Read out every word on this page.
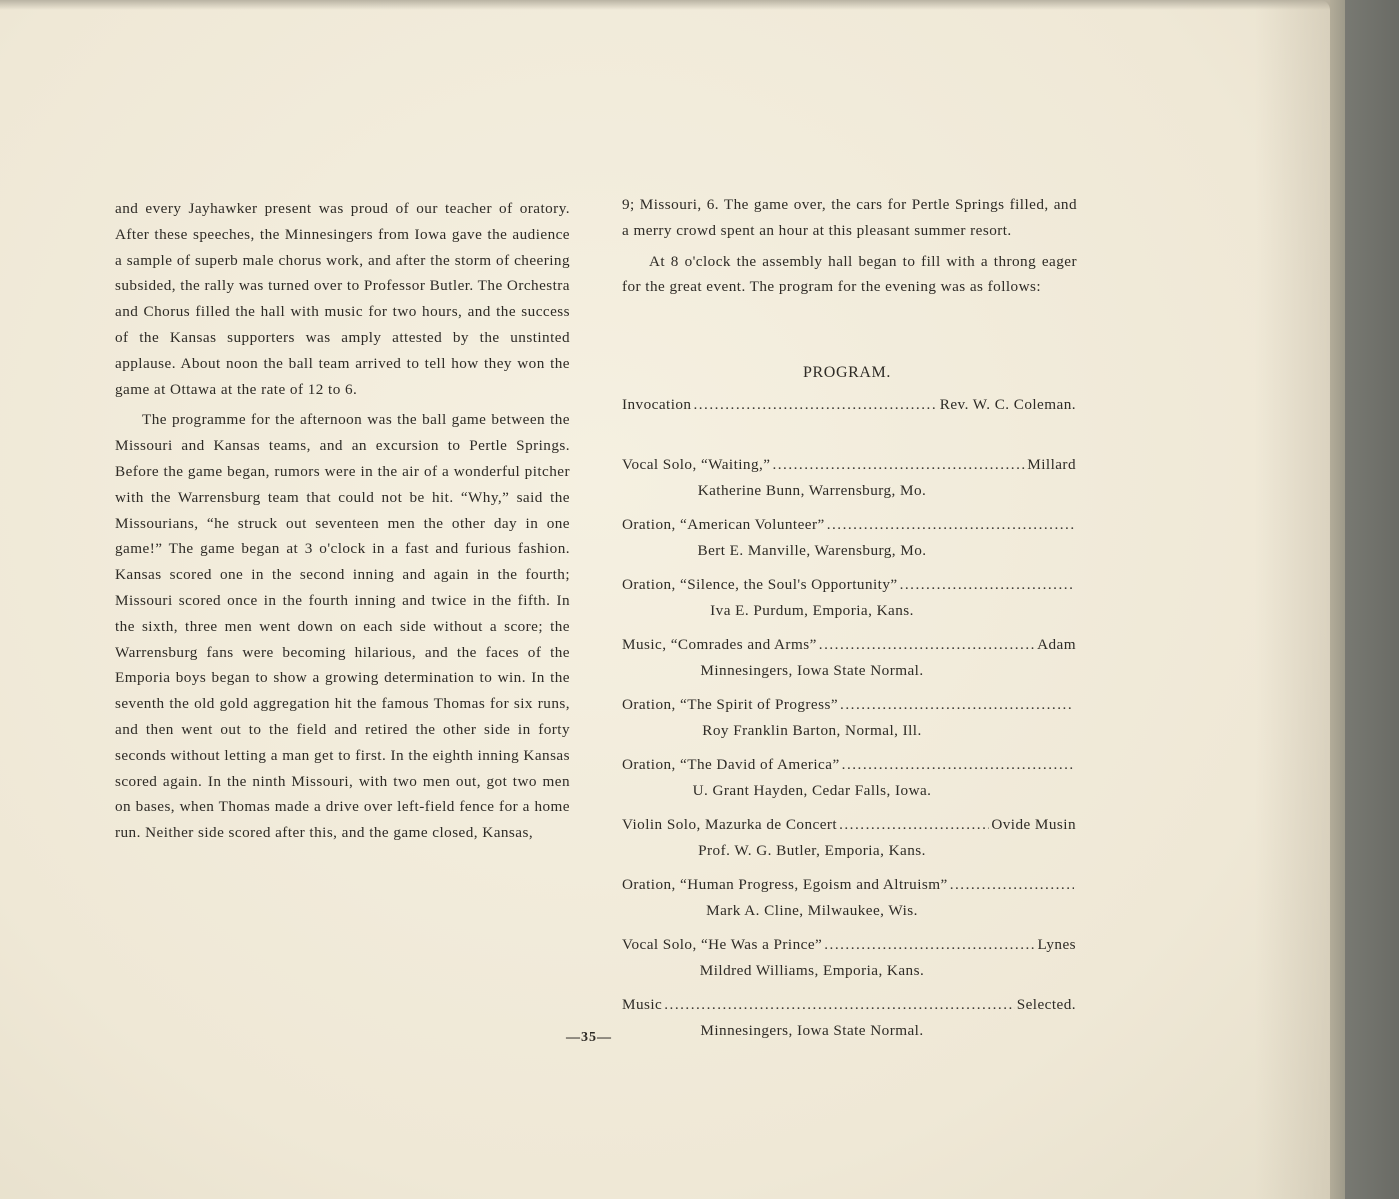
and every Jayhawker present was proud of our teacher of oratory. After these speeches, the Minnesingers from Iowa gave the audience a sample of superb male chorus work, and after the storm of cheering subsided, the rally was turned over to Professor Butler. The Orchestra and Chorus filled the hall with music for two hours, and the success of the Kansas supporters was amply attested by the unstinted applause. About noon the ball team arrived to tell how they won the game at Ottawa at the rate of 12 to 6.

The programme for the afternoon was the ball game between the Missouri and Kansas teams, and an excursion to Pertle Springs. Before the game began, rumors were in the air of a wonderful pitcher with the Warrensburg team that could not be hit. “Why,” said the Missourians, “he struck out seventeen men the other day in one game!” The game began at 3 o'clock in a fast and furious fashion. Kansas scored one in the second inning and again in the fourth; Missouri scored once in the fourth inning and twice in the fifth. In the sixth, three men went down on each side without a score; the Warrensburg fans were becoming hilarious, and the faces of the Emporia boys began to show a growing determination to win. In the seventh the old gold aggregation hit the famous Thomas for six runs, and then went out to the field and retired the other side in forty seconds without letting a man get to first. In the eighth inning Kansas scored again. In the ninth Missouri, with two men out, got two men on bases, when Thomas made a drive over left-field fence for a home run. Neither side scored after this, and the game closed, Kansas,

9; Missouri, 6. The game over, the cars for Pertle Springs filled, and a merry crowd spent an hour at this pleasant summer resort.

At 8 o'clock the assembly hall began to fill with a throng eager for the great event. The program for the evening was as follows:

PROGRAM.
Invocation .....	Rev. W. C. Coleman.
Vocal Solo, “Waiting,” .....	Millard
Katherine Bunn, Warrensburg, Mo.
Oration, “American Volunteer”
.....
Bert E. Manville, Warensburg, Mo.
Oration, “Silence, the Soul's Opportunity”
.....
Iva E. Purdum, Emporia, Kans.
Music, “Comrades and Arms” .....	Adam
Minnesingers, Iowa State Normal.
Oration, “The Spirit of Progress”
.....
Roy Franklin Barton, Normal, Ill.
Oration, “The David of America”
.....
U. Grant Hayden, Cedar Falls, Iowa.
Violin Solo, Mazurka de Concert .....	Ovide Musin
Prof. W. G. Butler, Emporia, Kans.
Oration, “Human Progress, Egoism and Altruism”
.....
Mark A. Cline, Milwaukee, Wis.
Vocal Solo, “He Was a Prince” .....	Lynes
Mildred Williams, Emporia, Kans.
Music .....	Selected.
Minnesingers, Iowa State Normal.
—35—
